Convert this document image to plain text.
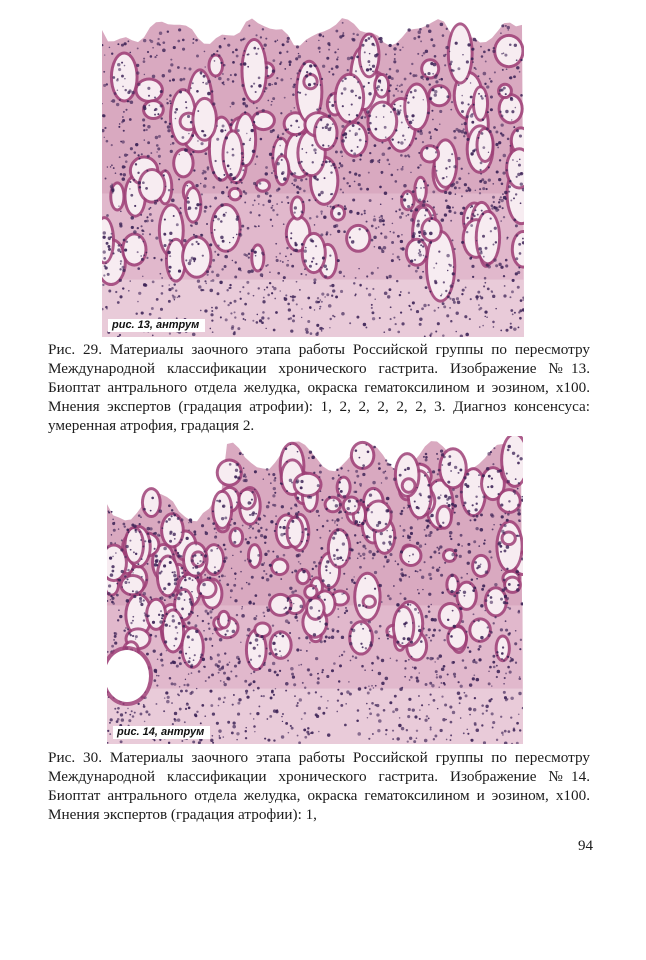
рис. 13, антрум
Рис. 29. Материалы заочного этапа работы Российской группы по пересмотру Международной классификации хронического гастрита. Изображение №13. Биоптат антрального отдела желудка, окраска гематоксилином и эозином, x100. Мнения экспертов (градация атрофии): 1, 2, 2, 2, 2, 2, 3. Диагноз консенсуса: умеренная атрофия, градация 2.
рис. 14, антрум
Рис. 30. Материалы заочного этапа работы Российской группы по пересмотру Международной классификации хронического гастрита. Изображение №14. Биоптат антрального отдела желудка, окраска гематоксилином и эозином, x100. Мнения экспертов (градация атрофии): 1,
94
